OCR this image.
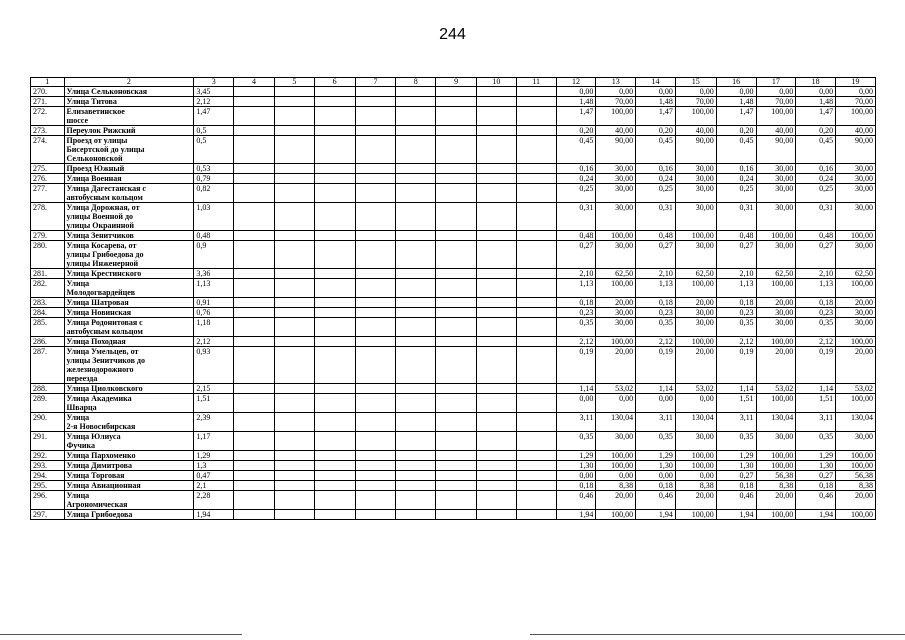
244
1	2	3	4	5	6	7	8	9	10	11	12	13	14	15	16	17	18	19
270.	Улица Сельконовская	3,45									0,00	0,00	0,00	0,00	0,00	0,00	0,00	0,00
271.	Улица Титова	2,12									1,48	70,00	1,48	70,00	1,48	70,00	1,48	70,00
272.	Елизаветинское
шоссе	1,47									1,47	100,00	1,47	100,00	1,47	100,00	1,47	100,00
273.	Переулок Рижский	0,5									0,20	40,00	0,20	40,00	0,20	40,00	0,20	40,00
274.	Проезд от улицы
Бисертской до улицы
Сельконовской	0,5									0,45	90,00	0,45	90,00	0,45	90,00	0,45	90,00
275.	Проезд Южный	0,53									0,16	30,00	0,16	30,00	0,16	30,00	0,16	30,00
276.	Улица Военная	0,79									0,24	30,00	0,24	30,00	0,24	30,00	0,24	30,00
277.	Улица Дагестанская с
автобусным кольцом	0,82									0,25	30,00	0,25	30,00	0,25	30,00	0,25	30,00
278.	Улица Дорожная, от
улицы Военной до
улицы Окраинной	1,03									0,31	30,00	0,31	30,00	0,31	30,00	0,31	30,00
279.	Улица Зенитчиков	0,48									0,48	100,00	0,48	100,00	0,48	100,00	0,48	100,00
280.	Улица Косарева, от
улицы Грибоедова до
улицы Инженерной	0,9									0,27	30,00	0,27	30,00	0,27	30,00	0,27	30,00
281.	Улица Крестинского	3,36									2,10	62,50	2,10	62,50	2,10	62,50	2,10	62,50
282.	Улица
Молодогвардейцев	1,13									1,13	100,00	1,13	100,00	1,13	100,00	1,13	100,00
283.	Улица Шатровая	0,91									0,18	20,00	0,18	20,00	0,18	20,00	0,18	20,00
284.	Улица Новинская	0,76									0,23	30,00	0,23	30,00	0,23	30,00	0,23	30,00
285.	Улица Родонитовая с
автобусным кольцом	1,18									0,35	30,00	0,35	30,00	0,35	30,00	0,35	30,00
286.	Улица Походная	2,12									2,12	100,00	2,12	100,00	2,12	100,00	2,12	100,00
287.	Улица Умельцев, от
улицы Зенитчиков до
железнодорожного
переезда	0,93									0,19	20,00	0,19	20,00	0,19	20,00	0,19	20,00
288.	Улица Циолковского	2,15									1,14	53,02	1,14	53,02	1,14	53,02	1,14	53,02
289.	Улица Академика
Шварца	1,51									0,00	0,00	0,00	0,00	1,51	100,00	1,51	100,00
290.	Улица
2-я Новосибирская	2,39									3,11	130,04	3,11	130,04	3,11	130,04	3,11	130,04
291.	Улица Юлиуса
Фучика	1,17									0,35	30,00	0,35	30,00	0,35	30,00	0,35	30,00
292.	Улица Пархоменко	1,29									1,29	100,00	1,29	100,00	1,29	100,00	1,29	100,00
293.	Улица Димитрова	1,3									1,30	100,00	1,30	100,00	1,30	100,00	1,30	100,00
294.	Улица Торговая	0,47									0,00	0,00	0,00	0,00	0,27	56,38	0,27	56,38
295.	Улица Авиационная	2,1									0,18	8,38	0,18	8,38	0,18	8,38	0,18	8,38
296.	Улица
Агрономическая	2,28									0,46	20,00	0,46	20,00	0,46	20,00	0,46	20,00
297.	Улица Грибоедова	1,94									1,94	100,00	1,94	100,00	1,94	100,00	1,94	100,00
